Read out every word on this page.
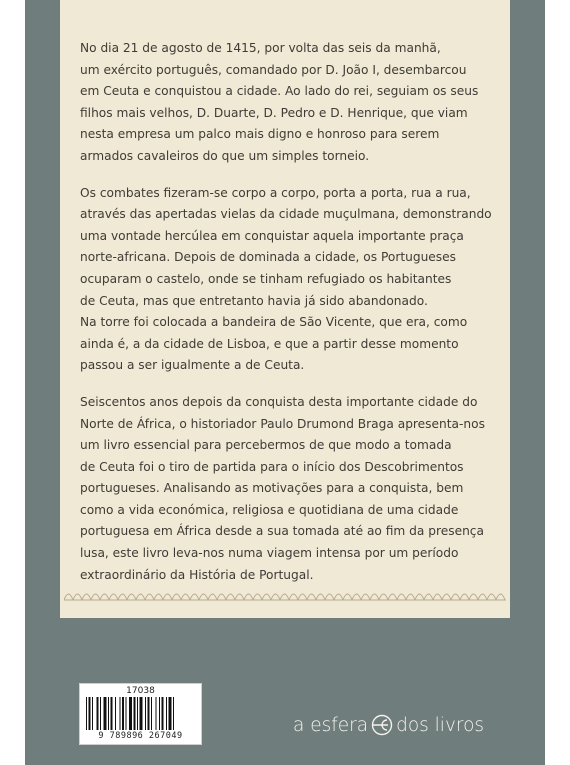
No dia 21 de agosto de 1415, por volta das seis da manhã,
um exército português, comandado por D. João I, desembarcou
em Ceuta e conquistou a cidade. Ao lado do rei, seguiam os seus
filhos mais velhos, D. Duarte, D. Pedro e D. Henrique, que viam
nesta empresa um palco mais digno e honroso para serem
armados cavaleiros do que um simples torneio.

Os combates fizeram-se corpo a corpo, porta a porta, rua a rua,
através das apertadas vielas da cidade muçulmana, demonstrando
uma vontade hercúlea em conquistar aquela importante praça
norte-africana. Depois de dominada a cidade, os Portugueses
ocuparam o castelo, onde se tinham refugiado os habitantes
de Ceuta, mas que entretanto havia já sido abandonado.
Na torre foi colocada a bandeira de São Vicente, que era, como
ainda é, a da cidade de Lisboa, e que a partir desse momento
passou a ser igualmente a de Ceuta.

Seiscentos anos depois da conquista desta importante cidade do
Norte de África, o historiador Paulo Drumond Braga apresenta-nos
um livro essencial para percebermos de que modo a tomada
de Ceuta foi o tiro de partida para o início dos Descobrimentos
portugueses. Analisando as motivações para a conquista, bem
como a vida económica, religiosa e quotidiana de uma cidade
portuguesa em África desde a sua tomada até ao fim da presença
lusa, este livro leva-nos numa viagem intensa por um período
extraordinário da História de Portugal.

17038
9 789896 267049
a esfera dos livros
